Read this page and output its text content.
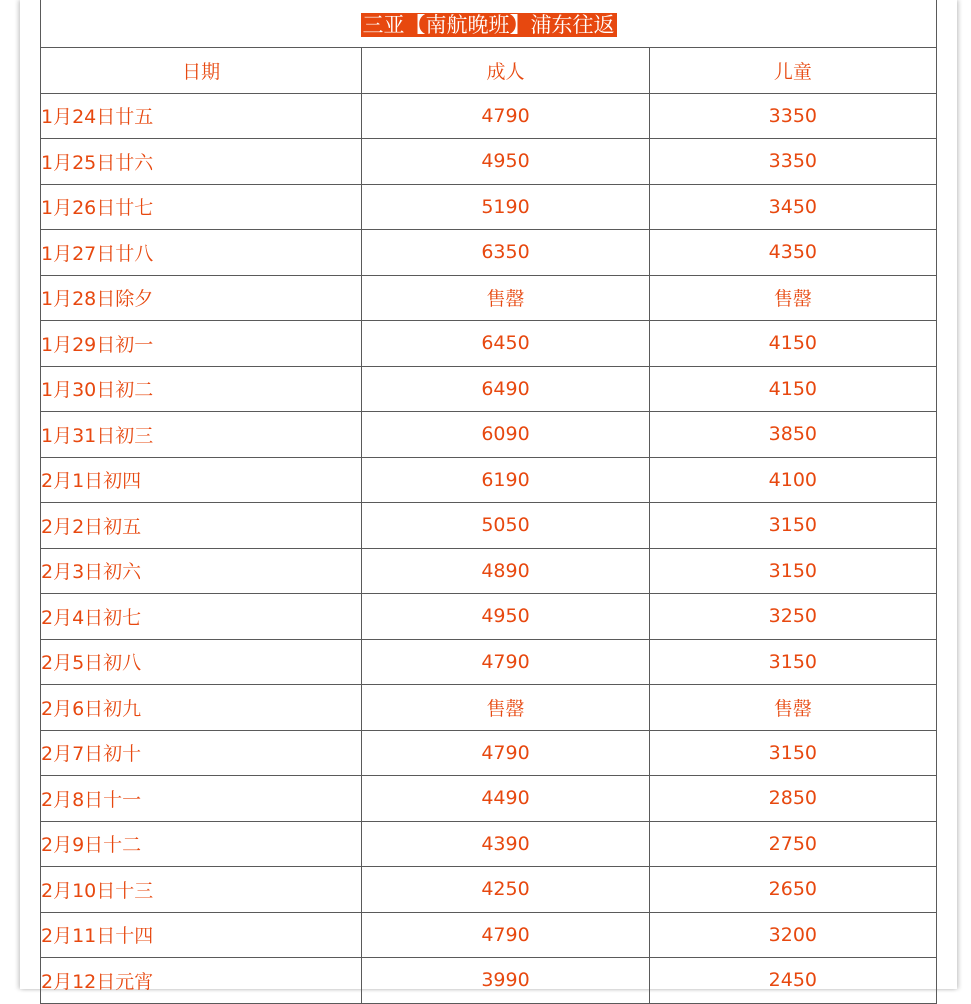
三亚【南航晚班】浦东往返		
日期	成人	儿童
1月24日廿五	4790	3350
1月25日廿六	4950	3350
1月26日廿七	5190	3450
1月27日廿八	6350	4350
1月28日除夕	售罄	售罄
1月29日初一	6450	4150
1月30日初二	6490	4150
1月31日初三	6090	3850
2月1日初四	6190	4100
2月2日初五	5050	3150
2月3日初六	4890	3150
2月4日初七	4950	3250
2月5日初八	4790	3150
2月6日初九	售罄	售罄
2月7日初十	4790	3150
2月8日十一	4490	2850
2月9日十二	4390	2750
2月10日十三	4250	2650
2月11日十四	4790	3200
2月12日元宵	3990	2450
